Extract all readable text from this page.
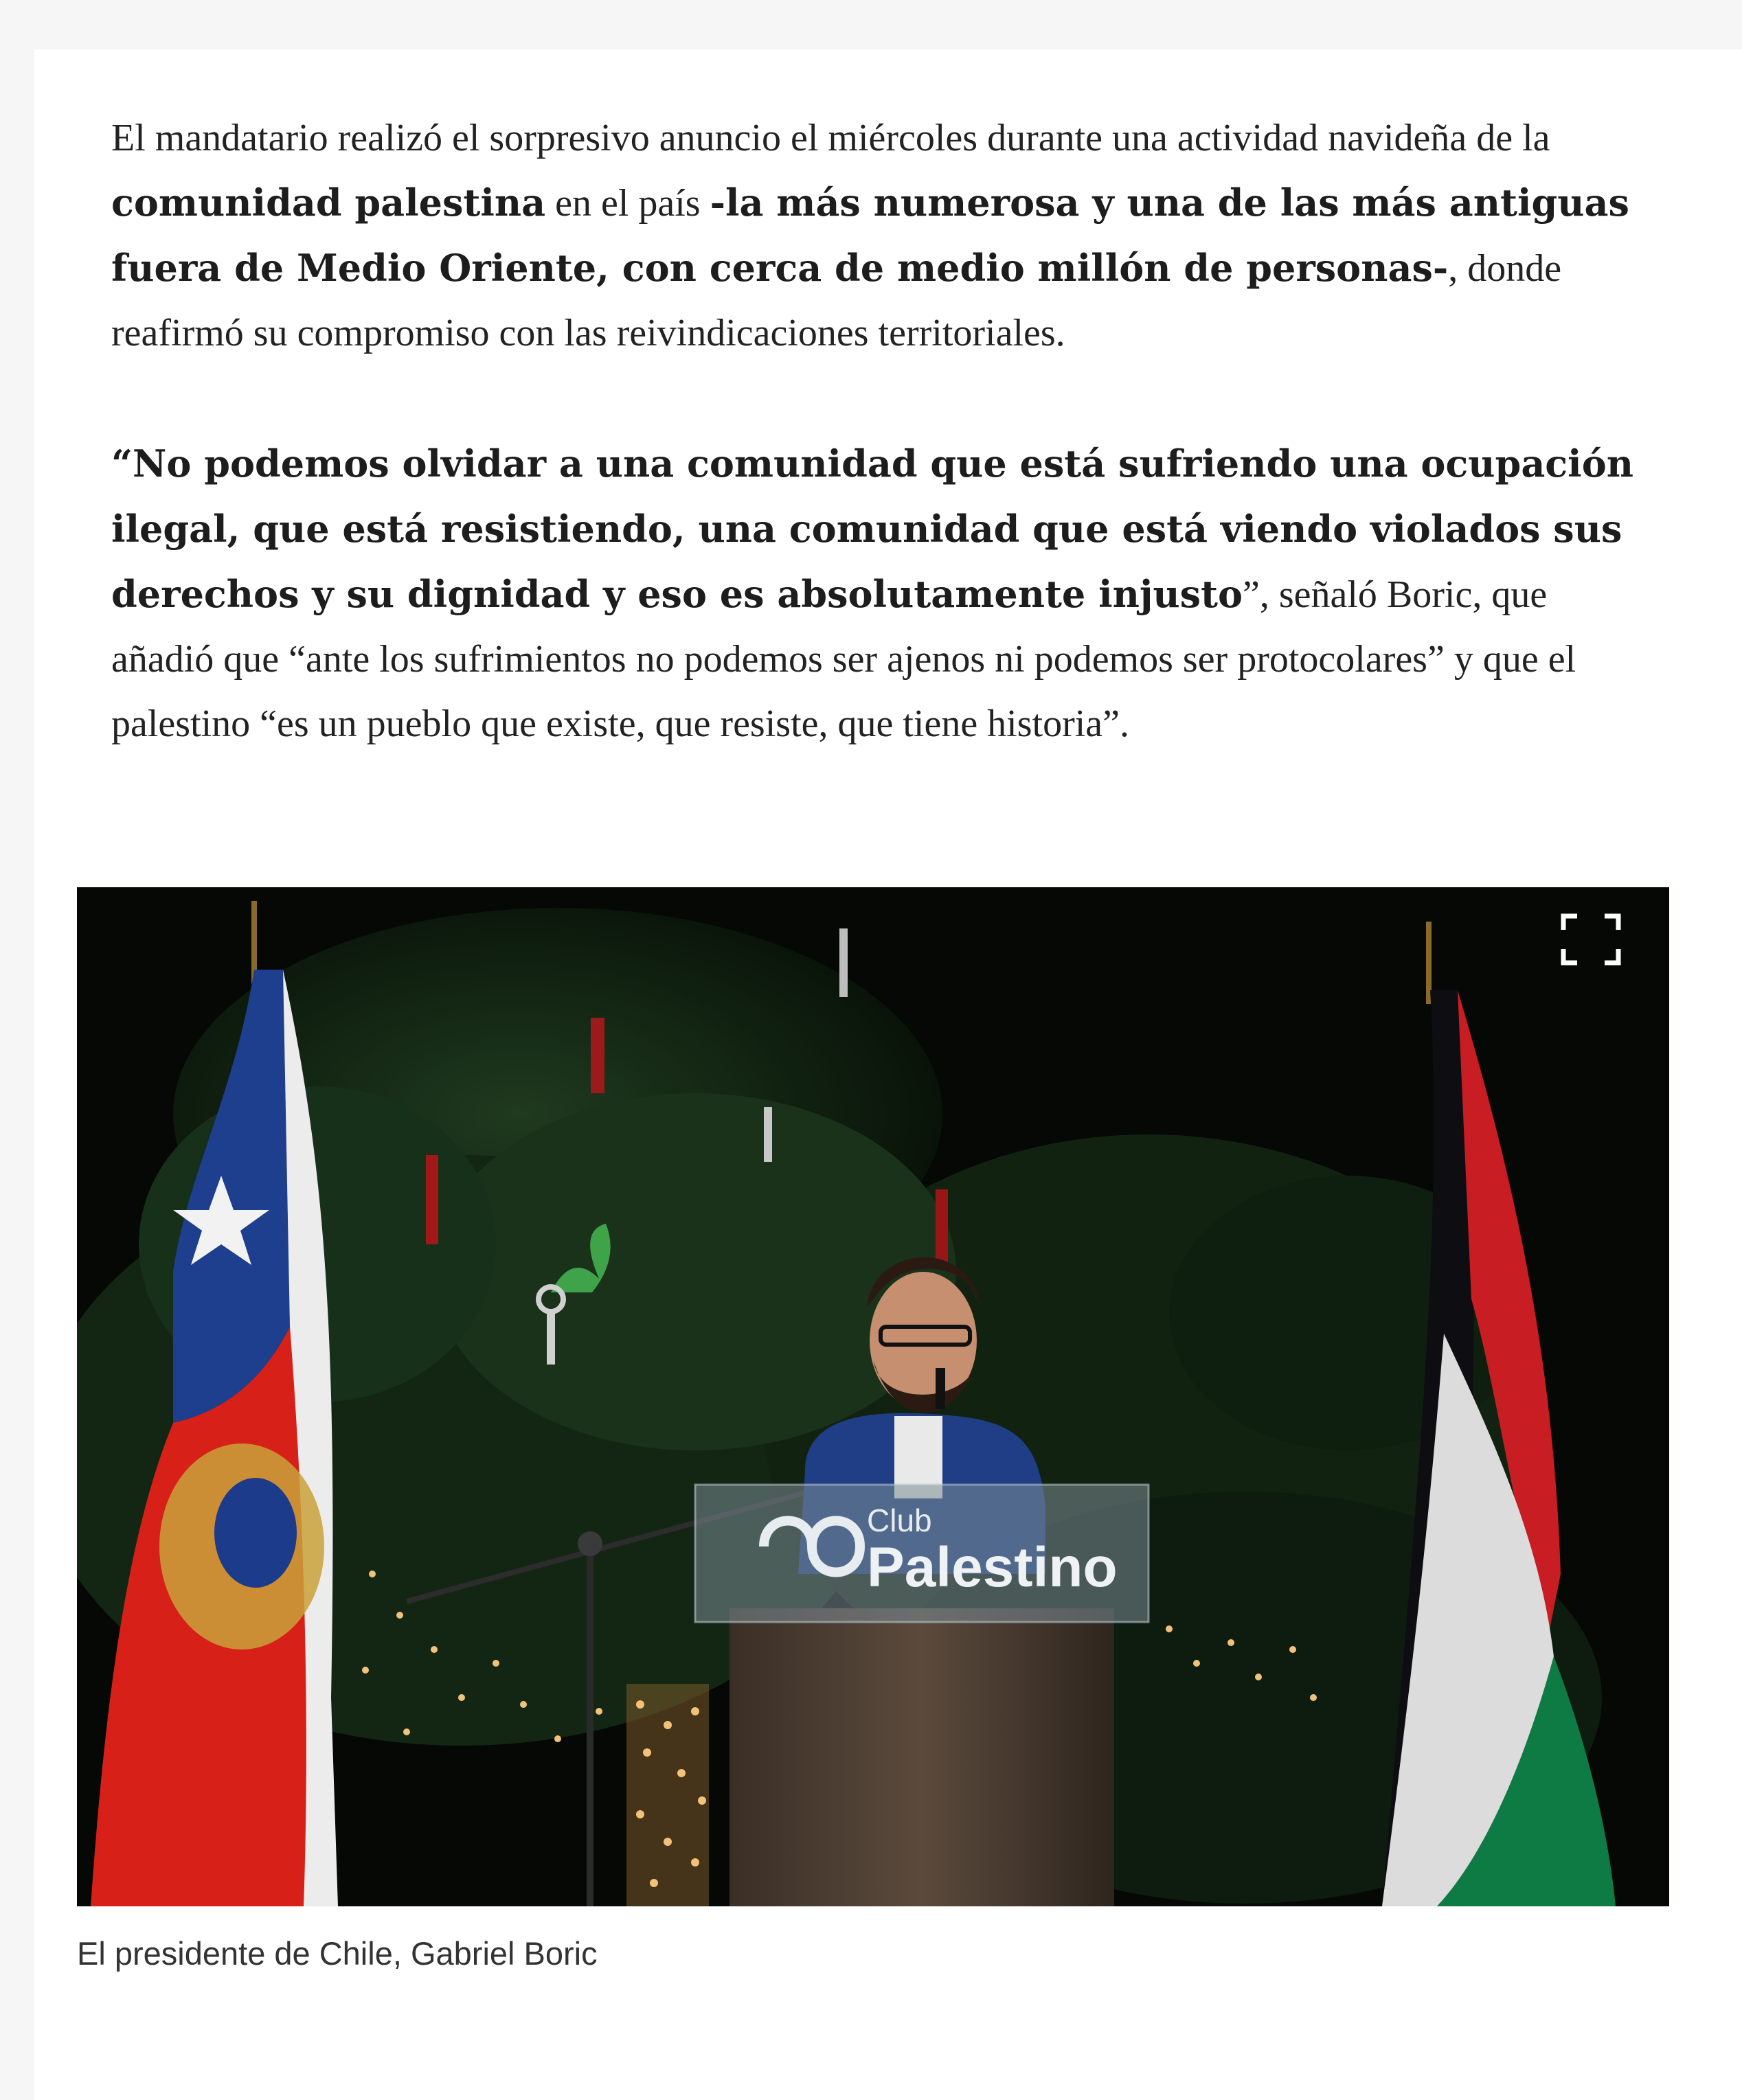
El mandatario realizó el sorpresivo anuncio el miércoles durante una actividad navideña de la comunidad palestina en el país -la más numerosa y una de las más antiguas fuera de Medio Oriente, con cerca de medio millón de personas-, donde reafirmó su compromiso con las reivindicaciones territoriales.

“No podemos olvidar a una comunidad que está sufriendo una ocupación ilegal, que está resistiendo, una comunidad que está viendo violados sus derechos y su dignidad y eso es absolutamente injusto”, señaló Boric, que añadió que “ante los sufrimientos no podemos ser ajenos ni podemos ser protocolares” y que el palestino “es un pueblo que existe, que resiste, que tiene historia”.

Club
Palestino
El presidente de Chile, Gabriel Boric
